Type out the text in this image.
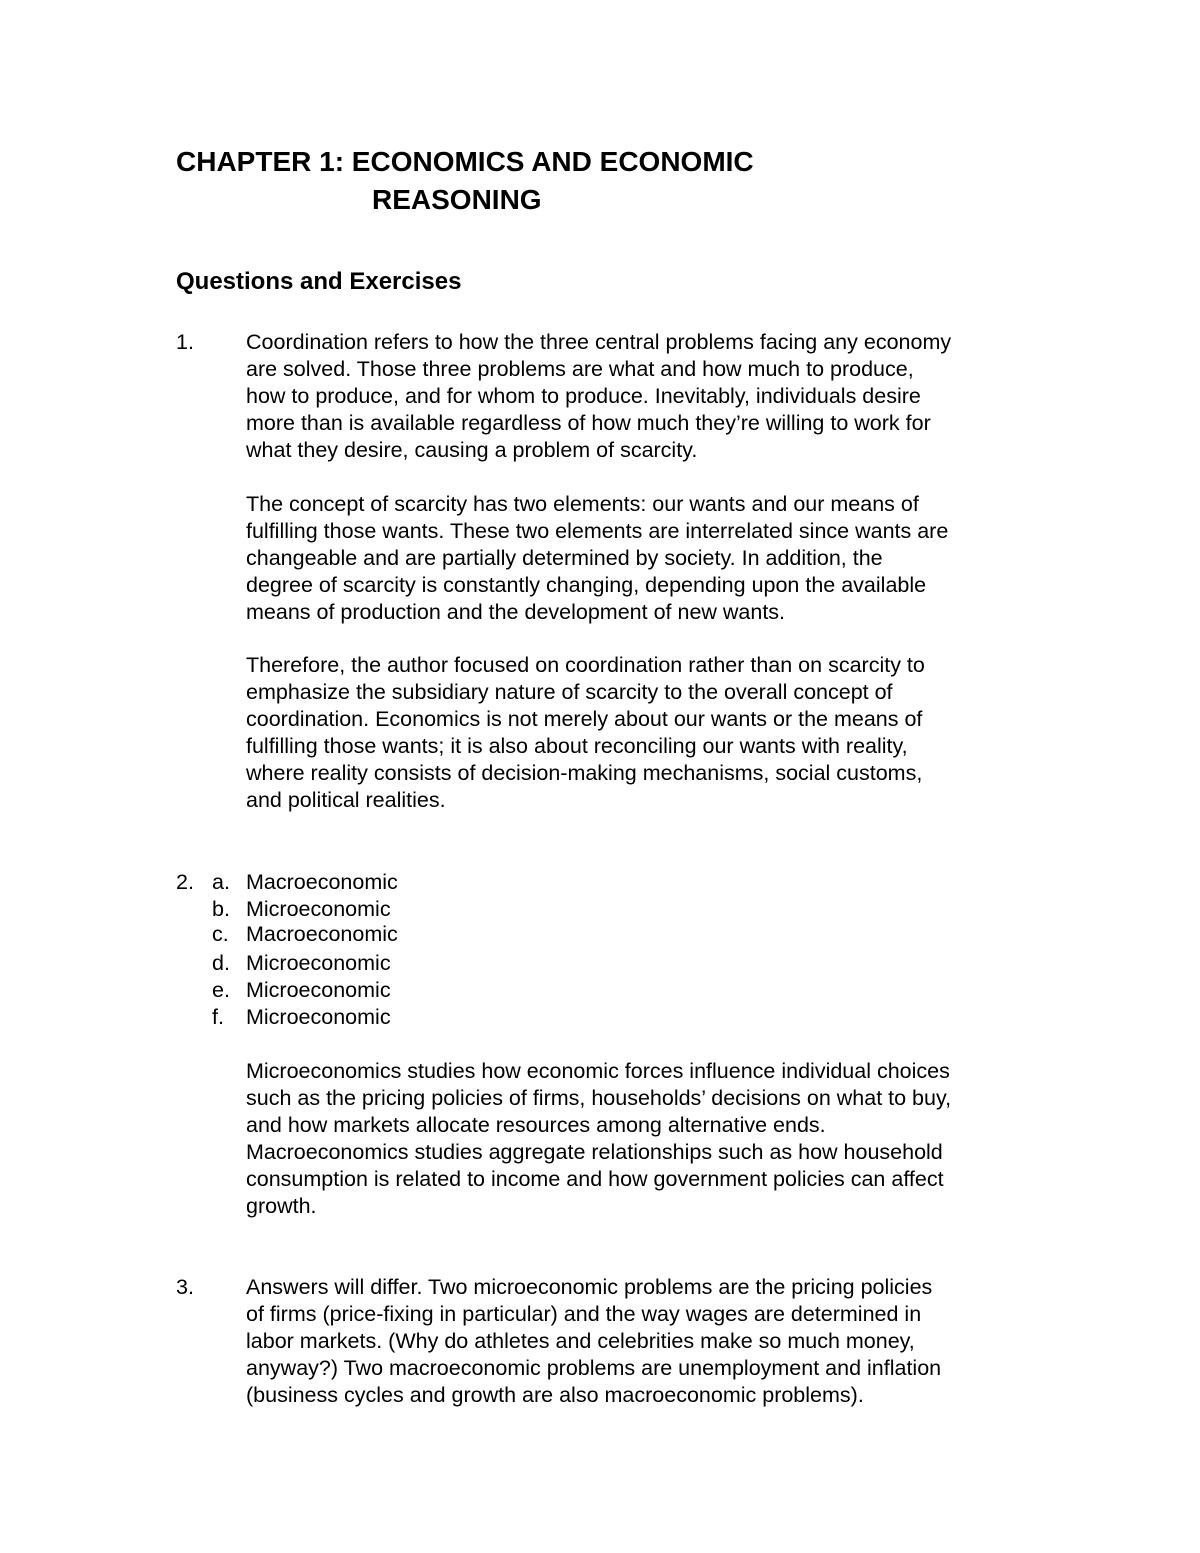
CHAPTER 1: ECONOMICS AND ECONOMIC
REASONING
Questions and Exercises
1. Coordination refers to how the three central problems facing any economy
are solved. Those three problems are what and how much to produce,
how to produce, and for whom to produce. Inevitably, individuals desire
more than is available regardless of how much they’re willing to work for
what they desire, causing a problem of scarcity.
The concept of scarcity has two elements: our wants and our means of
fulfilling those wants. These two elements are interrelated since wants are
changeable and are partially determined by society. In addition, the
degree of scarcity is constantly changing, depending upon the available
means of production and the development of new wants.
Therefore, the author focused on coordination rather than on scarcity to
emphasize the subsidiary nature of scarcity to the overall concept of
coordination. Economics is not merely about our wants or the means of
fulfilling those wants; it is also about reconciling our wants with reality,
where reality consists of decision-making mechanisms, social customs,
and political realities.
2. a. Macroeconomic
b. Microeconomic
c. Macroeconomic
d. Microeconomic
e. Microeconomic
f. Microeconomic
Microeconomics studies how economic forces influence individual choices
such as the pricing policies of firms, households’ decisions on what to buy,
and how markets allocate resources among alternative ends.
Macroeconomics studies aggregate relationships such as how household
consumption is related to income and how government policies can affect
growth.
3. Answers will differ. Two microeconomic problems are the pricing policies
of firms (price-fixing in particular) and the way wages are determined in
labor markets. (Why do athletes and celebrities make so much money,
anyway?) Two macroeconomic problems are unemployment and inflation
(business cycles and growth are also macroeconomic problems).
